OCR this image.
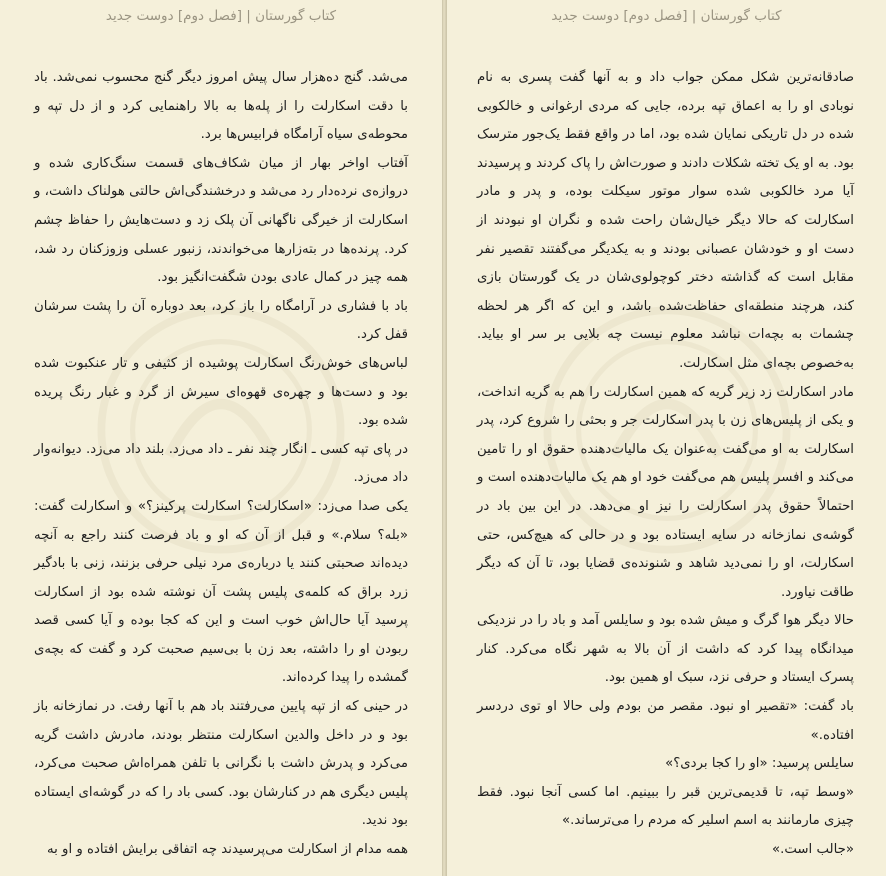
کتاب گورستان | [فصل دوم] دوست جدید

می‌شد. گنج ده‌هزار سال پیش امروز دیگر گنج محسوب نمی‌شد. باد با دقت اسکارلت را از پله‌ها به بالا راهنمایی کرد و از دل تپه و محوطه‌ی سیاه آرامگاه فرابیس‌ها برد.

آفتاب اواخر بهار از میان شکاف‌های قسمت سنگ‌کاری شده و دروازه‌ی نرده‌دار رد می‌شد و درخشندگی‌اش حالتی هولناک داشت، و اسکارلت از خیرگی ناگهانی آن پلک زد و دست‌هایش را حفاظ چشم کرد. پرنده‌ها در بته‌زارها می‌خواندند، زنبور عسلی وزوزکنان رد شد، همه چیز در کمال عادی بودن شگفت‌انگیز بود.

باد با فشاری در آرامگاه را باز کرد، بعد دوباره آن را پشت سرشان قفل کرد.

لباس‌های خوش‌رنگ اسکارلت پوشیده از کثیفی و تار عنکبوت شده بود و دست‌ها و چهره‌ی قهوه‌ای سیرش از گرد و غبار رنگ پریده شده بود.

در پای تپه کسی ـ انگار چند نفر ـ داد می‌زد. بلند داد می‌زد. دیوانه‌وار داد می‌زد.

یکی صدا می‌زد: «اسکارلت؟ اسکارلت پرکینز؟» و اسکارلت گفت: «بله؟ سلام.» و قبل از آن که او و باد فرصت کنند راجع به آنچه دیده‌اند صحبتی کنند یا درباره‌ی مرد نیلی حرفی بزنند، زنی با بادگیر زرد براق که کلمه‌ی پلیس پشت آن نوشته شده بود از اسکارلت پرسید آیا حال‌اش خوب است و این که کجا بوده و آیا کسی قصد ربودن او را داشته، بعد زن با بی‌سیم صحبت کرد و گفت که بچه‌ی گمشده را پیدا کرده‌اند.

در حینی که از تپه پایین می‌رفتند باد هم با آنها رفت. در نمازخانه باز بود و در داخل والدین اسکارلت منتظر بودند، مادرش داشت گریه می‌کرد و پدرش داشت با نگرانی با تلفن همراه‌اش صحبت می‌کرد، پلیس دیگری هم در کنارشان بود. کسی باد را که در گوشه‌ای ایستاده بود ندید.

همه مدام از اسکارلت می‌پرسیدند چه اتفاقی برایش افتاده و او به

کتاب گورستان | [فصل دوم] دوست جدید

صادقانه‌ترین شکل ممکن جواب داد و به آنها گفت پسری به نام نوبادی او را به اعماق تپه برده، جایی که مردی ارغوانی و خالکوبی شده در دل تاریکی نمایان شده بود، اما در واقع فقط یک‌جور مترسک بود. به او یک تخته شکلات دادند و صورت‌اش را پاک کردند و پرسیدند آیا مرد خالکوبی شده سوار موتور سیکلت بوده، و پدر و مادر اسکارلت که حالا دیگر خیال‌شان راحت شده و نگران او نبودند از دست او و خودشان عصبانی بودند و به یکدیگر می‌گفتند تقصیر نفر مقابل است که گذاشته دختر کوچولوی‌شان در یک گورستان بازی کند، هرچند منطقه‌ای حفاظت‌شده باشد، و این که اگر هر لحظه چشمات به بچه‌ات نباشد معلوم نیست چه بلایی بر سر او بیاید. به‌خصوص بچه‌ای مثل اسکارلت.

مادر اسکارلت زد زیر گریه که همین اسکارلت را هم به گریه انداخت، و یکی از پلیس‌های زن با پدر اسکارلت جر و بحثی را شروع کرد، پدر اسکارلت به او می‌گفت به‌عنوان یک مالیات‌دهنده حقوق او را تامین می‌کند و افسر پلیس هم می‌گفت خود او هم یک مالیات‌دهنده است و احتمالاً حقوق پدر اسکارلت را نیز او می‌دهد. در این بین باد در گوشه‌ی نمازخانه در سایه ایستاده بود و در حالی که هیچ‌کس، حتی اسکارلت، او را نمی‌دید شاهد و شنونده‌ی قضایا بود، تا آن که دیگر طاقت نیاورد.

حالا دیگر هوا گرگ و میش شده بود و سایلس آمد و باد را در نزدیکی میدانگاه پیدا کرد که داشت از آن بالا به شهر نگاه می‌کرد. کنار پسرک ایستاد و حرفی نزد، سبک او همین بود.

باد گفت: «تقصیر او نبود. مقصر من بودم ولی حالا او توی دردسر افتاده.»

سایلس پرسید: «او را کجا بردی؟»

«وسط تپه، تا قدیمی‌ترین قبر را ببینیم. اما کسی آنجا نبود. فقط چیزی مارمانند به اسم اسلیر که مردم را می‌ترساند.»

«جالب است.»
